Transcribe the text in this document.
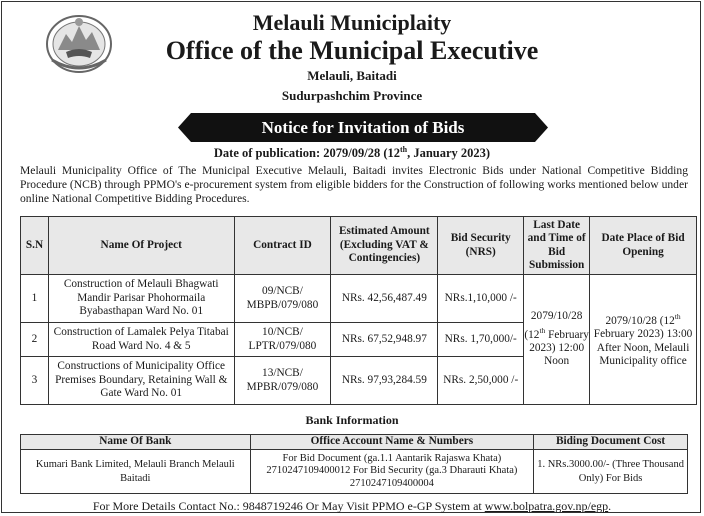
Melauli Municiplaity
Office of the Municipal Executive
Melauli, Baitadi
Sudurpashchim Province
Notice for Invitation of Bids
Date of publication: 2079/09/28 (12th, January 2023)
Melauli Municipality Office of The Municipal Executive Melauli, Baitadi invites Electronic Bids under National Competitive Bidding Procedure (NCB) through PPMO's e-procurement system from eligible bidders for the Construction of following works mentioned below under online National Competitive Bidding Procedures.
S.N	Name Of Project	Contract ID	Estimated Amount (Excluding VAT & Contingencies)	Bid Security (NRS)	Last Date and Time of Bid Submission	Date Place of Bid Opening
1	Construction of Melauli Bhagwati Mandir Parisar Phohormaila Byabasthapan Ward No. 01	09/NCB/ MBPB/079/080	NRs. 42,56,487.49	NRs.1,10,000 /-	2079/10/28 (12th February 2023) 12:00 Noon	2079/10/28 (12th February 2023) 13:00 After Noon, Melauli Municipality office
2	Construction of Lamalek Pelya Titabai Road Ward No. 4 & 5	10/NCB/ LPTR/079/080	NRs. 67,52,948.97	NRs. 1,70,000/-		
3	Constructions of Municipality Office Premises Boundary, Retaining Wall & Gate Ward No. 01	13/NCB/ MPBR/079/080	NRs. 97,93,284.59	NRs. 2,50,000 /-		
Bank Information
Name Of Bank	Office Account Name & Numbers	Biding Document Cost
Kumari Bank Limited, Melauli Branch Melauli Baitadi	For Bid Document (ga.1.1 Aantarik Rajaswa Khata) 2710247109400012 For Bid Security (ga.3 Dharauti Khata) 2710247109400004	1. NRs.3000.00/- (Three Thousand Only) For Bids
For More Details Contact No.: 9848719246 Or May Visit PPMO e-GP System at www.bolpatra.gov.np/egp.
